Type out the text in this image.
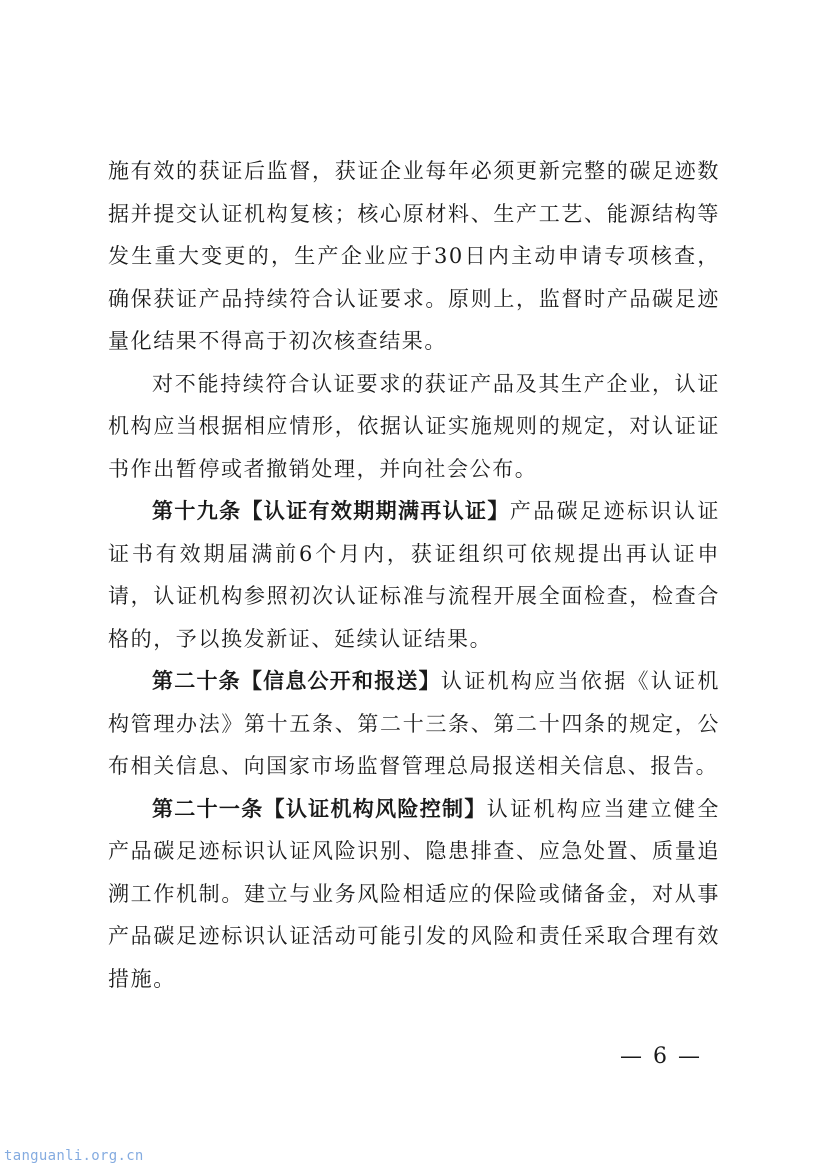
施有效的获证后监督，获证企业每年必须更新完整的碳足迹数据并提交认证机构复核；核心原材料、生产工艺、能源结构等发生重大变更的，生产企业应于30日内主动申请专项核查，确保获证产品持续符合认证要求。原则上，监督时产品碳足迹量化结果不得高于初次核查结果。

对不能持续符合认证要求的获证产品及其生产企业，认证机构应当根据相应情形，依据认证实施规则的规定，对认证证书作出暂停或者撤销处理，并向社会公布。

第十九条【认证有效期期满再认证】产品碳足迹标识认证证书有效期届满前6个月内，获证组织可依规提出再认证申请，认证机构参照初次认证标准与流程开展全面检查，检查合格的，予以换发新证、延续认证结果。

第二十条【信息公开和报送】认证机构应当依据《认证机构管理办法》第十五条、第二十三条、第二十四条的规定，公布相关信息、向国家市场监督管理总局报送相关信息、报告。

第二十一条【认证机构风险控制】认证机构应当建立健全产品碳足迹标识认证风险识别、隐患排查、应急处置、质量追溯工作机制。建立与业务风险相适应的保险或储备金，对从事产品碳足迹标识认证活动可能引发的风险和责任采取合理有效措施。

— 6 —
tanguanli.org.cn
